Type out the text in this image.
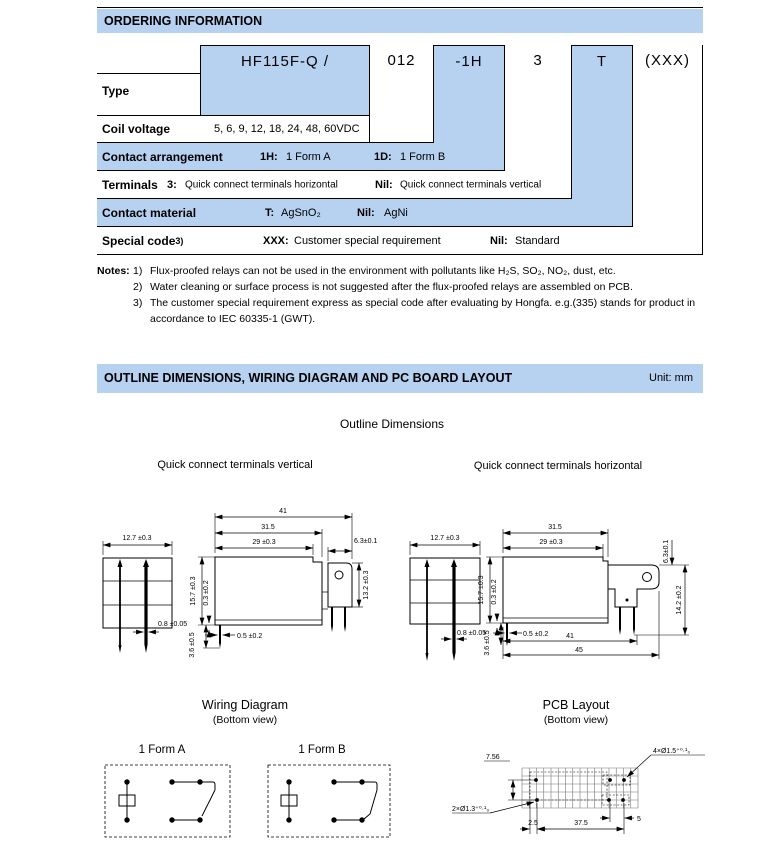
ORDERING INFORMATION
HF115F-Q /	012	-1H	3	T	(XXX)
Type
Coil voltage	5, 6, 9, 12, 18, 24, 48, 60VDC
Contact arrangement	1H: 1 Form A	1D: 1 Form B
Terminals 3: Quick connect terminals horizontal	Nil: Quick connect terminals vertical
Contact material	T: AgSnO₂	Nil: AgNi
Special code 3)	XXX: Customer special requirement	Nil: Standard
Notes: 1) Flux-proofed relays can not be used in the environment with pollutants like H₂S, SO₂, NO₂, dust, etc.
2) Water cleaning or surface process is not suggested after the flux-proofed relays are assembled on PCB.
3) The customer special requirement express as special code after evaluating by Hongfa. e.g.(335) stands for product in accordance to IEC 60335-1 (GWT).
OUTLINE DIMENSIONS, WIRING DIAGRAM AND PC BOARD LAYOUT	Unit: mm
Outline Dimensions
Quick connect terminals vertical	Quick connect terminals horizontal
12.7 ±0.3
0.8 ±0.05
41
31.5
29 ±0.3	6.3±0.1
13.2 ±0.3
15.7 ±0.3 0.3 ±0.2
0.5 ±0.2
3.6 ±0.5
12.7 ±0.3
0.8 ±0.05
31.5
29 ±0.3	6.3±0.1
14.2 ±0.2
15.7 ±0.3 0.3 ±0.2
0.5 ±0.2
3.6 ±0.5	41
45
Wiring Diagram
(Bottom view)
1 Form A	1 Form B
PCB Layout
(Bottom view)
7.56
2×Ø1.3⁺⁰·¹₀
4×Ø1.5⁺⁰·¹₀
2.5	37.5
5
